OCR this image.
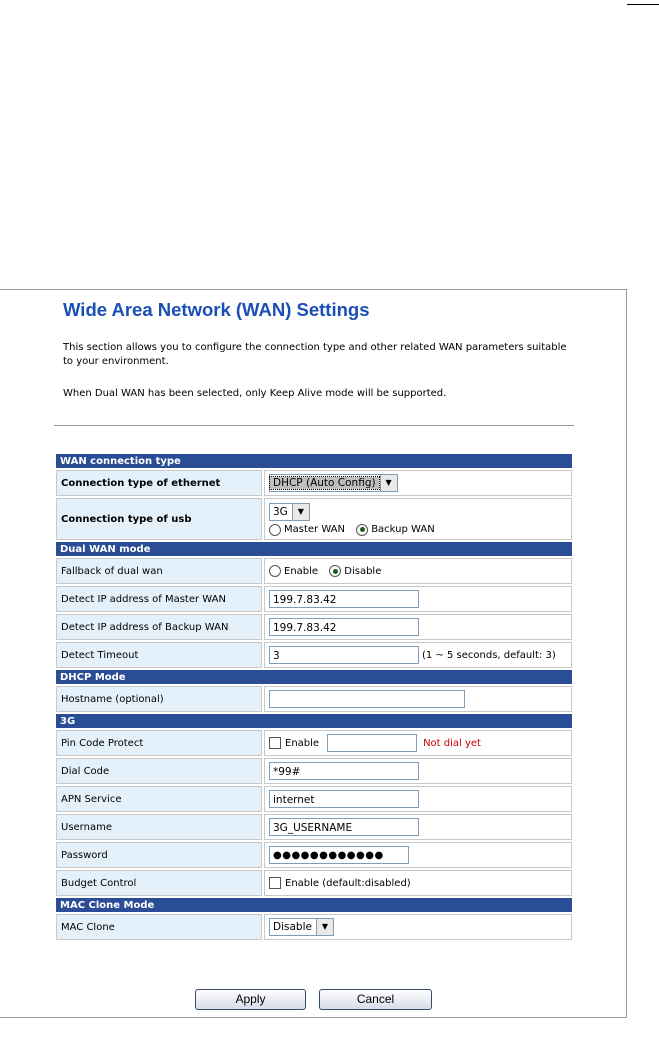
Wide Area Network (WAN) Settings

This section allows you to configure the connection type and other related WAN parameters suitable to your environment.

When Dual WAN has been selected, only Keep Alive mode will be supported.

WAN connection type	
Connection type of ethernet	DHCP (Auto Config) ▼

Connection type of usb	3G ▼
Master WAN Backup WAN

Dual WAN mode	
Fallback of dual wan	Enable Disable
Detect IP address of Master WAN	199.7.83.42
Detect IP address of Backup WAN	199.7.83.42
Detect Timeout	3 (1 ~ 5 seconds, default: 3)
DHCP Mode	
Hostname (optional)	
3G	
Pin Code Protect	Enable Not dial yet
Dial Code	*99#
APN Service	internet
Username	3G_USERNAME
Password	●●●●●●●●●●●●
Budget Control	Enable (default:disabled)
MAC Clone Mode	
MAC Clone	Disable ▼
Apply	Cancel
